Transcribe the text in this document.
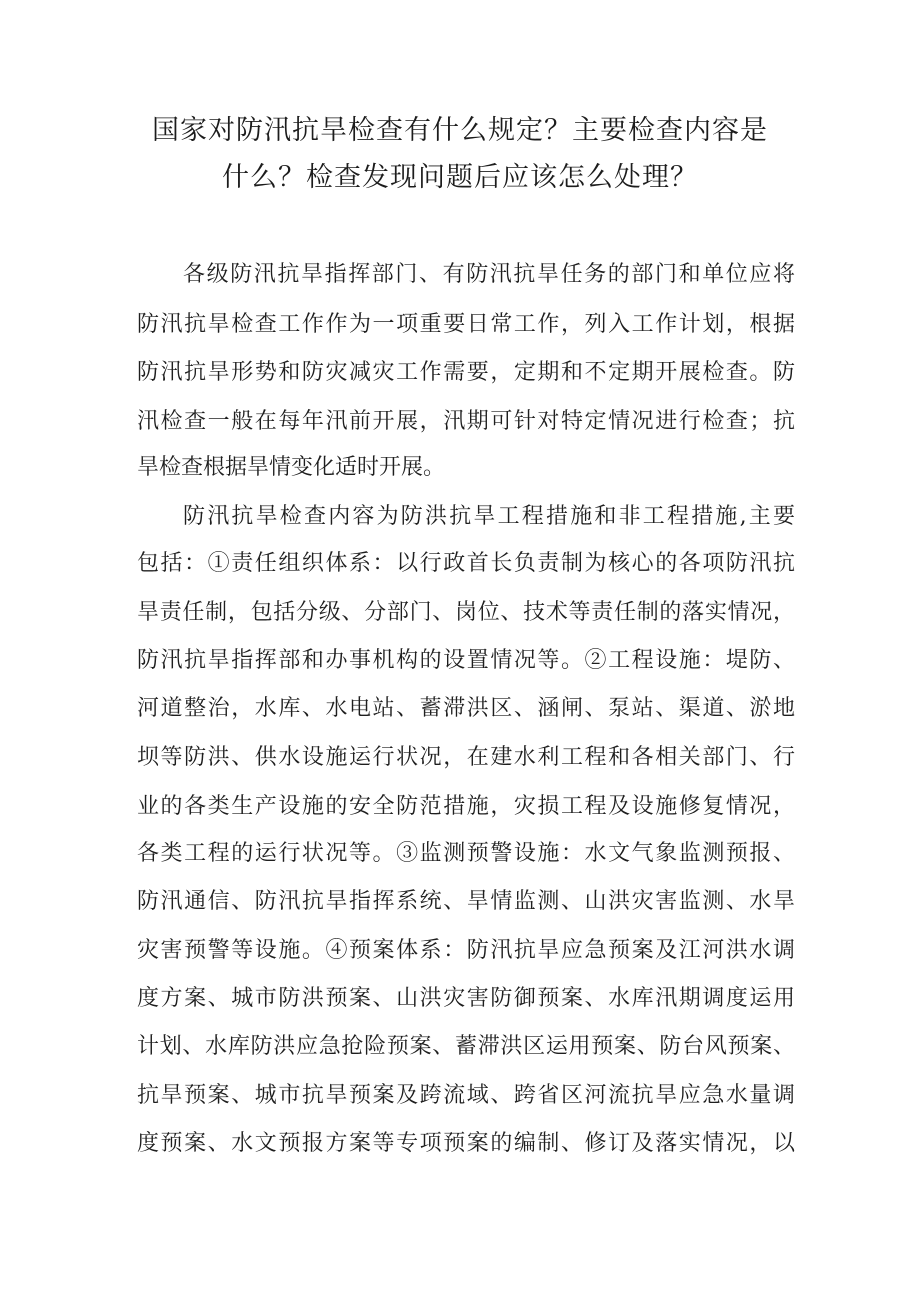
国家对防汛抗旱检查有什么规定？主要检查内容是
什么？检查发现问题后应该怎么处理？
各级防汛抗旱指挥部门、有防汛抗旱任务的部门和单位应将
防汛抗旱检查工作作为一项重要日常工作，列入工作计划，根据
防汛抗旱形势和防灾减灾工作需要，定期和不定期开展检查。防
汛检查一般在每年汛前开展，汛期可针对特定情况进行检查；抗
旱检查根据旱情变化适时开展。
防汛抗旱检查内容为防洪抗旱工程措施和非工程措施,主要
包括：①责任组织体系：以行政首长负责制为核心的各项防汛抗
旱责任制，包括分级、分部门、岗位、技术等责任制的落实情况，
防汛抗旱指挥部和办事机构的设置情况等。②工程设施：堤防、
河道整治，水库、水电站、蓄滞洪区、涵闸、泵站、渠道、淤地
坝等防洪、供水设施运行状况，在建水利工程和各相关部门、行
业的各类生产设施的安全防范措施，灾损工程及设施修复情况，
各类工程的运行状况等。③监测预警设施：水文气象监测预报、
防汛通信、防汛抗旱指挥系统、旱情监测、山洪灾害监测、水旱
灾害预警等设施。④预案体系：防汛抗旱应急预案及江河洪水调
度方案、城市防洪预案、山洪灾害防御预案、水库汛期调度运用
计划、水库防洪应急抢险预案、蓄滞洪区运用预案、防台风预案、
抗旱预案、城市抗旱预案及跨流域、跨省区河流抗旱应急水量调
度预案、水文预报方案等专项预案的编制、修订及落实情况，以
